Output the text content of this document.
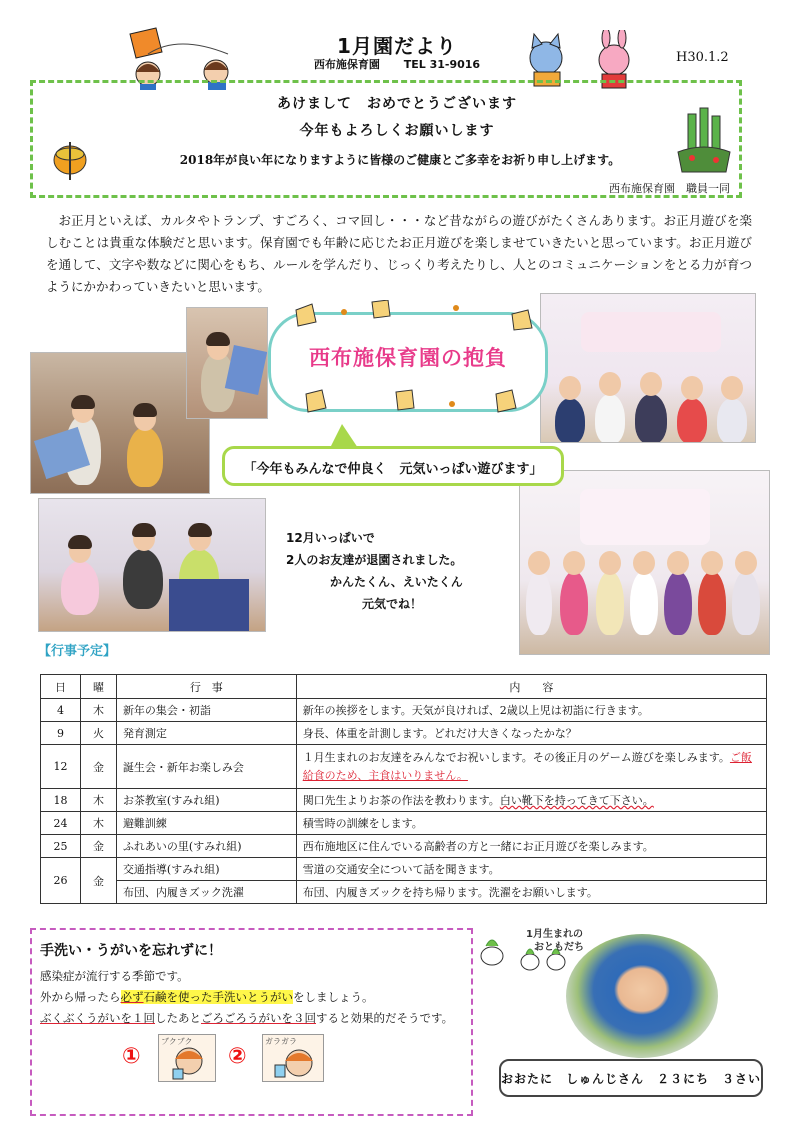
1月園だより
西布施保育園 TEL 31-9016	H30.1.2
あけまして　おめでとうございます
今年もよろしくお願いします
2018年が良い年になりますように皆様のご健康とご多幸をお祈り申し上げます。
西布施保育園　職員一同
お正月といえば、カルタやトランプ、すごろく、コマ回し・・・など昔ながらの遊びがたくさんあります。お正月遊びを楽しむことは貴重な体験だと思います。保育園でも年齢に応じたお正月遊びを楽しませていきたいと思っています。お正月遊びを通して、文字や数などに関心をもち、ルールを学んだり、じっくり考えたりし、人とのコミュニケーションをとる力が育つようにかかわっていきたいと思います。
西布施保育園の抱負
「今年もみんなで仲良く　元気いっぱい遊びます」
12月いっぱいで
2人のお友達が退園されました。
かんたくん、えいたくん
元気でね！
【行事予定】
日	曜	行　事	内　　容
4	木	新年の集会・初詣	新年の挨拶をします。天気が良ければ、2歳以上児は初詣に行きます。
9	火	発育測定	身長、体重を計測します。どれだけ大きくなったかな？
12	金	誕生会・新年お楽しみ会	１月生まれのお友達をみんなでお祝いします。その後正月のゲーム遊びを楽しみます。ご飯給食のため、主食はいりません。
18	木	お茶教室(すみれ組)	関口先生よりお茶の作法を教わります。白い靴下を持ってきて下さい。
24	木	避難訓練	積雪時の訓練をします。
25	金	ふれあいの里(すみれ組)	西布施地区に住んでいる高齢者の方と一緒にお正月遊びを楽しみます。
26	金	交通指導(すみれ組)	雪道の交通安全について話を聞きます。
		布団、内履きズック洗濯	布団、内履きズックを持ち帰ります。洗濯をお願いします。
手洗い・うがいを忘れずに！
感染症が流行する季節です。
外から帰ったら必ず石鹸を使った手洗いとうがいをしましょう。
ぶくぶくうがいを１回したあとごろごろうがいを３回すると効果的だそうです。
①
ブクブク
②
ガラガラ
1月生まれの
おともだち
おおたに　しゅんじさん　２３にち　３さい
